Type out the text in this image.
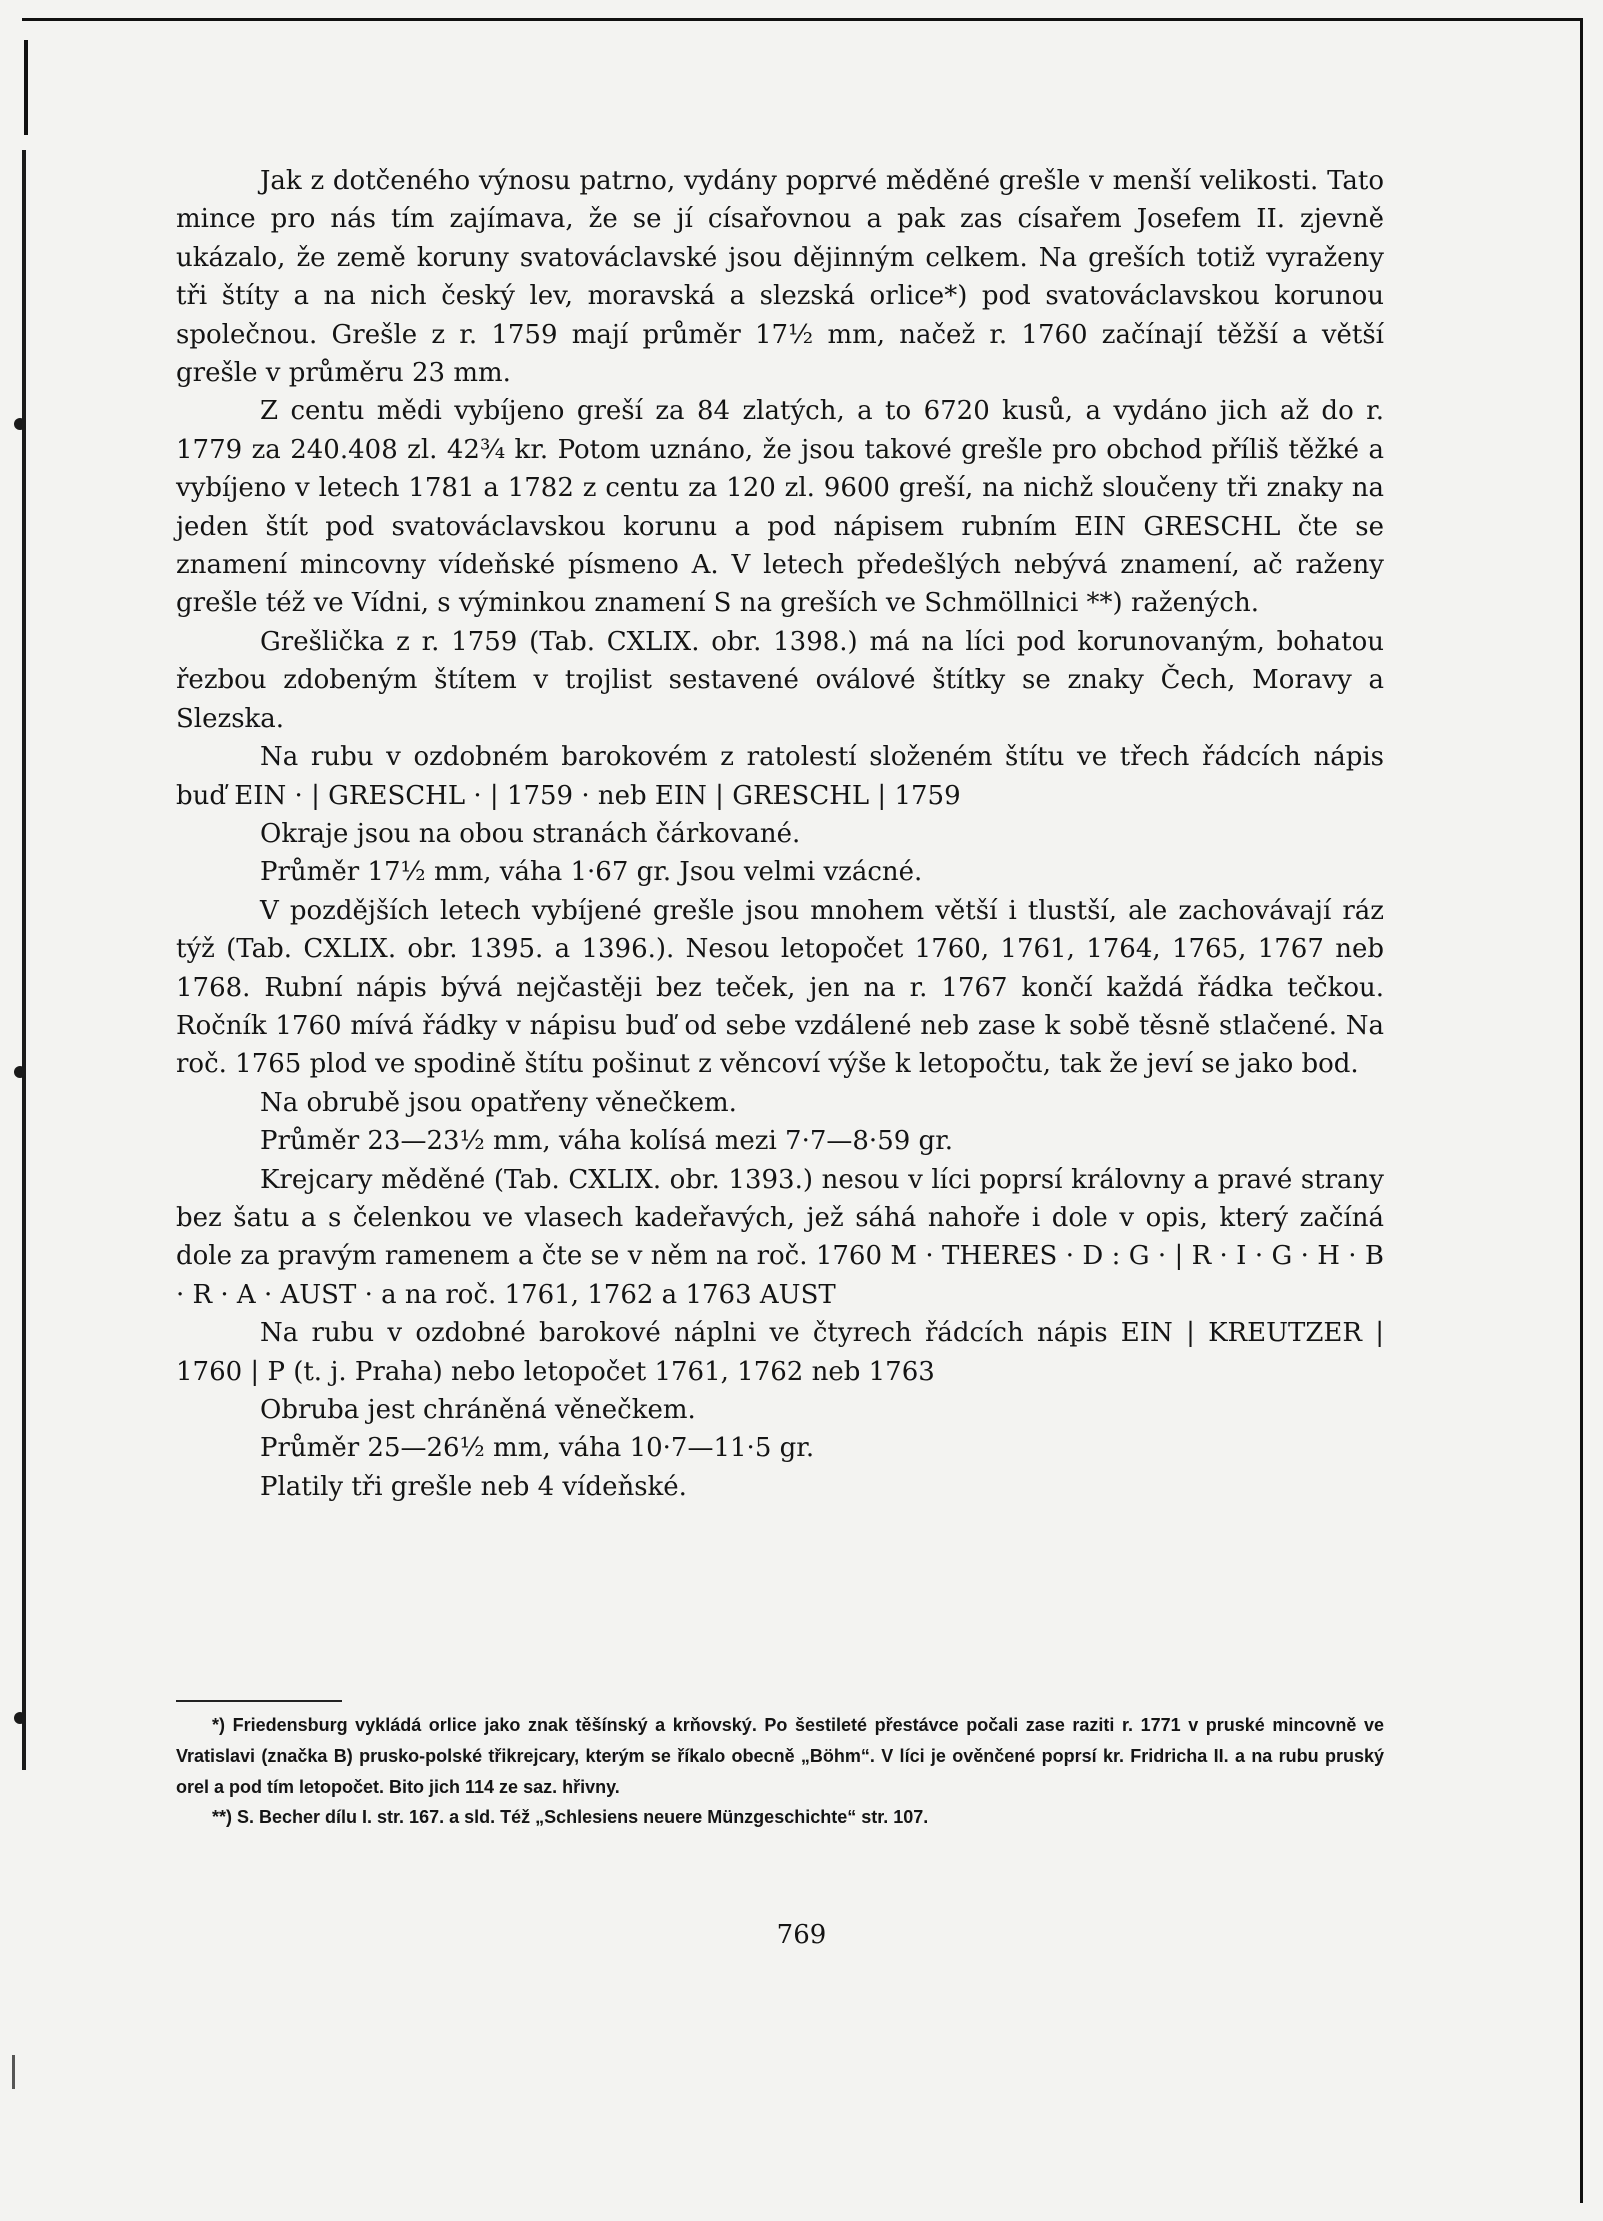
Jak z dotčeného výnosu patrno, vydány poprvé měděné grešle v menší velikosti. Tato mince pro nás tím zajímava, že se jí císařovnou a pak zas císařem Josefem II. zjevně ukázalo, že země koruny svatováclavské jsou dějinným celkem. Na greších totiž vyraženy tři štíty a na nich český lev, moravská a slezská orlice*) pod svatováclavskou korunou společnou. Grešle z r. 1759 mají průměr 17½ mm, načež r. 1760 začínají těžší a větší grešle v průměru 23 mm.

Z centu mědi vybíjeno greší za 84 zlatých, a to 6720 kusů, a vydáno jich až do r. 1779 za 240.408 zl. 42¾ kr. Potom uznáno, že jsou takové grešle pro obchod příliš těžké a vybíjeno v letech 1781 a 1782 z centu za 120 zl. 9600 greší, na nichž sloučeny tři znaky na jeden štít pod svatováclavskou korunu a pod nápisem rubním EIN GRESCHL čte se znamení mincovny vídeňské písmeno A. V letech předešlých nebývá znamení, ač raženy grešle též ve Vídni, s výminkou znamení S na greších ve Schmöllnici **) ražených.

Grešlička z r. 1759 (Tab. CXLIX. obr. 1398.) má na líci pod korunovaným, bohatou řezbou zdobeným štítem v trojlist sestavené oválové štítky se znaky Čech, Moravy a Slezska.

Na rubu v ozdobném barokovém z ratolestí složeném štítu ve třech řádcích nápis buď EIN · | GRESCHL · | 1759 · neb EIN | GRESCHL | 1759

Okraje jsou na obou stranách čárkované.

Průměr 17½ mm, váha 1·67 gr. Jsou velmi vzácné.

V pozdějších letech vybíjené grešle jsou mnohem větší i tlustší, ale zachovávají ráz týž (Tab. CXLIX. obr. 1395. a 1396.). Nesou letopočet 1760, 1761, 1764, 1765, 1767 neb 1768. Rubní nápis bývá nejčastěji bez teček, jen na r. 1767 končí každá řádka tečkou. Ročník 1760 mívá řádky v nápisu buď od sebe vzdálené neb zase k sobě těsně stlačené. Na roč. 1765 plod ve spodině štítu pošinut z věncoví výše k letopočtu, tak že jeví se jako bod.

Na obrubě jsou opatřeny věnečkem.

Průměr 23—23½ mm, váha kolísá mezi 7·7—8·59 gr.

Krejcary měděné (Tab. CXLIX. obr. 1393.) nesou v líci poprsí královny a pravé strany bez šatu a s čelenkou ve vlasech kadeřavých, jež sáhá nahoře i dole v opis, který začíná dole za pravým ramenem a čte se v něm na roč. 1760 M · THERES · D : G · | R · I · G · H · B · R · A · AUST · a na roč. 1761, 1762 a 1763 AUST

Na rubu v ozdobné barokové náplni ve čtyrech řádcích nápis EIN | KREUTZER | 1760 | P (t. j. Praha) nebo letopočet 1761, 1762 neb 1763

Obruba jest chráněná věnečkem.

Průměr 25—26½ mm, váha 10·7—11·5 gr.

Platily tři grešle neb 4 vídeňské.

*) Friedensburg vykládá orlice jako znak těšínský a krňovský. Po šestileté přestávce počali zase raziti r. 1771 v pruské mincovně ve Vratislavi (značka B) prusko-polské třikrejcary, kterým se říkalo obecně „Böhm“. V líci je ověnčené poprsí kr. Fridricha II. a na rubu pruský orel a pod tím letopočet. Bito jich 114 ze saz. hřivny.

**) S. Becher dílu I. str. 167. a sld. Též „Schlesiens neuere Münzgeschichte“ str. 107.

769
